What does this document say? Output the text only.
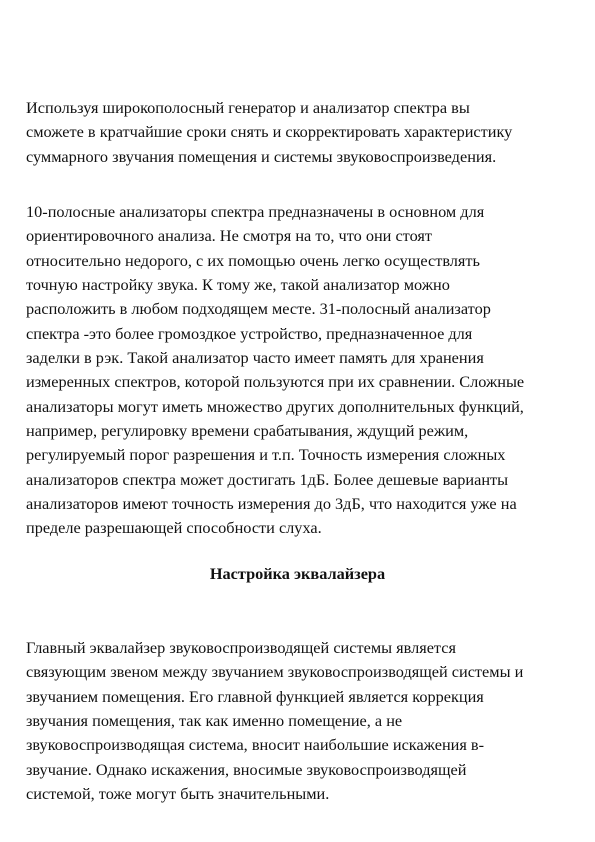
Используя широкополосный генератор и анализатор спектра вы
сможете в кратчайшие сроки снять и скорректировать характеристику
суммарного звучания помещения и системы звуковоспроизведения.

10-полосные анализаторы спектра предназначены в основном для
ориентировочного анализа. Не смотря на то, что они стоят
относительно недорого, с их помощью очень легко осуществлять
точную настройку звука. К тому же, такой анализатор можно
расположить в любом подходящем месте. 31-полосный анализатор
спектра -это более громоздкое устройство, предназначенное для
заделки в рэк. Такой анализатор часто имеет память для хранения
измеренных спектров, которой пользуются при их сравнении. Сложные
анализаторы могут иметь множество других дополнительных функций,
например, регулировку времени срабатывания, ждущий режим,
регулируемый порог разрешения и т.п. Точность измерения сложных
анализаторов спектра может достигать 1дБ. Более дешевые варианты
анализаторов имеют точность измерения до 3дБ, что находится уже на
пределе разрешающей способности слуха.

Настройка эквалайзера

Главный эквалайзер звуковоспроизводящей системы является
связующим звеном между звучанием звуковоспроизводящей системы и
звучанием помещения. Его главной функцией является коррекция
звучания помещения, так как именно помещение, а не
звуковоспроизводящая система, вносит наибольшие искажения в-
звучание. Однако искажения, вносимые звуковоспроизводящей
системой, тоже могут быть значительными.
